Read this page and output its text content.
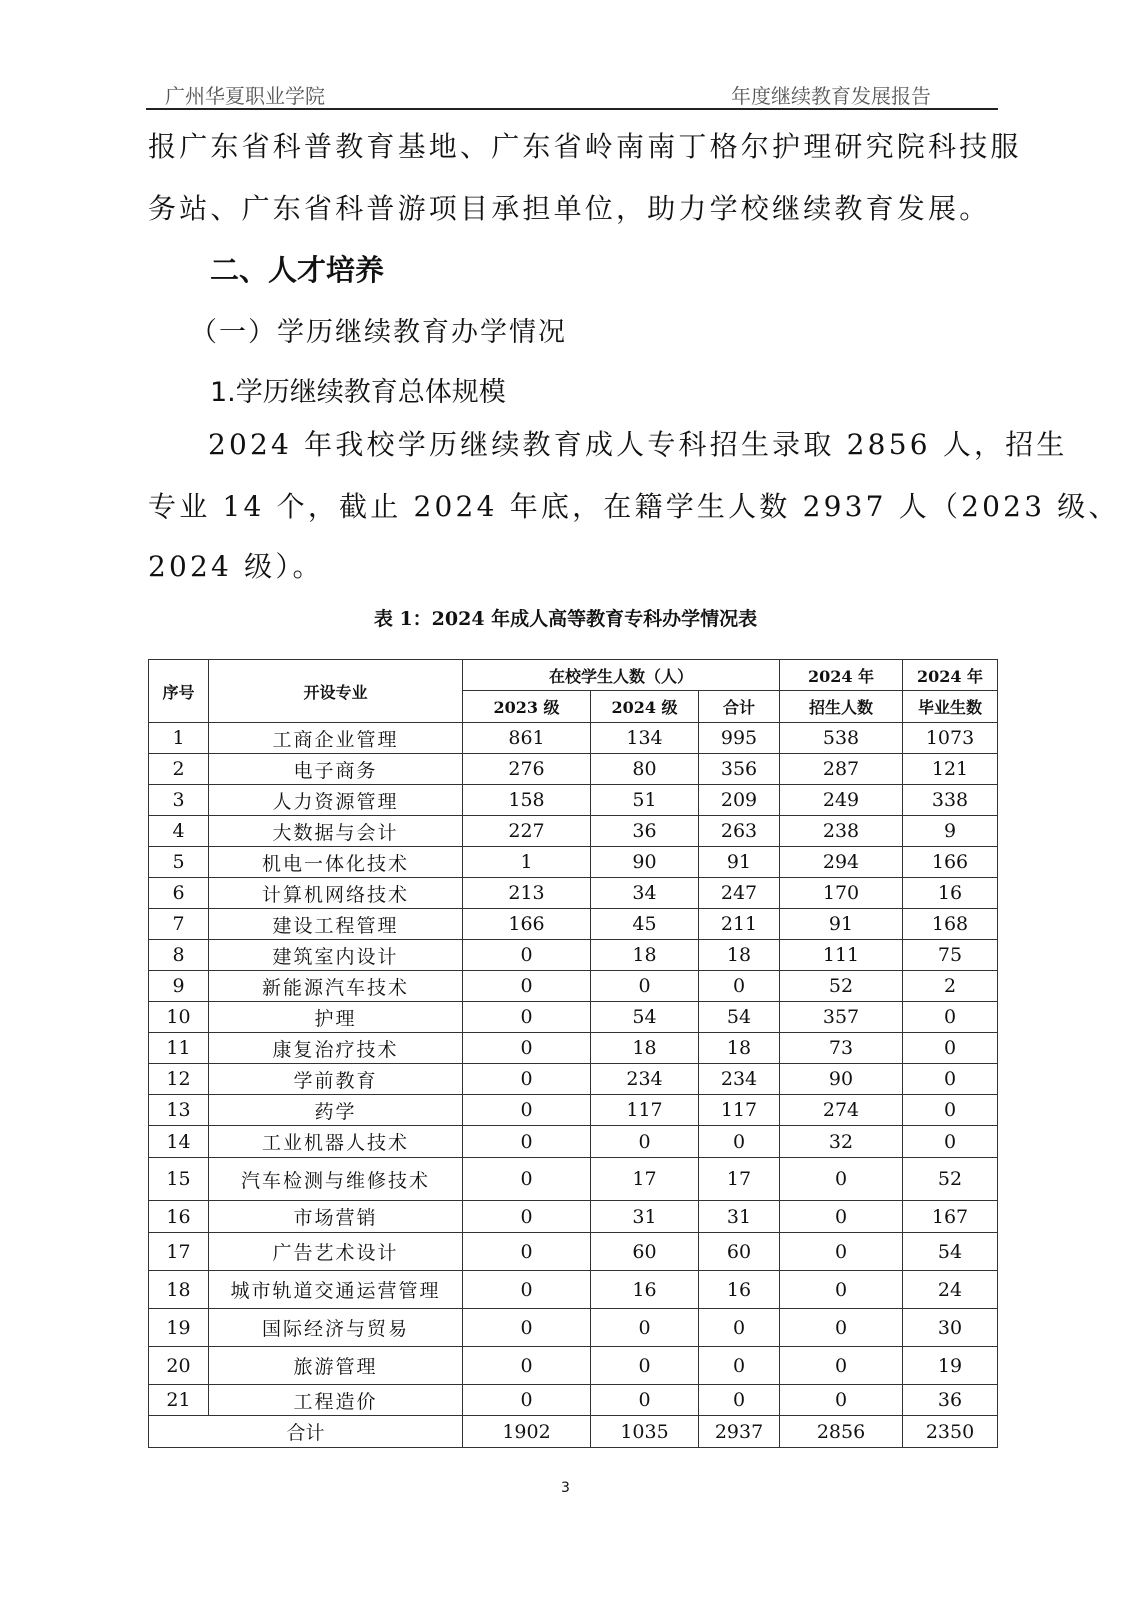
广州华夏职业学院	年度继续教育发展报告
报广东省科普教育基地、广东省岭南南丁格尔护理研究院科技服
务站、广东省科普游项目承担单位，助力学校继续教育发展。
二、人才培养
（一）学历继续教育办学情况
1.学历继续教育总体规模
2024 年我校学历继续教育成人专科招生录取 2856 人，招生
专业 14 个，截止 2024 年底，在籍学生人数 2937 人（2023 级、
2024 级）。
表 1：2024 年成人高等教育专科办学情况表
序号	开设专业	在校学生人数（人）			2024 年	2024 年
		2023 级	2024 级	合计	招生人数	毕业生数
1	工商企业管理	861	134	995	538	1073
2	电子商务	276	80	356	287	121
3	人力资源管理	158	51	209	249	338
4	大数据与会计	227	36	263	238	9
5	机电一体化技术	1	90	91	294	166
6	计算机网络技术	213	34	247	170	16
7	建设工程管理	166	45	211	91	168
8	建筑室内设计	0	18	18	111	75
9	新能源汽车技术	0	0	0	52	2
10	护理	0	54	54	357	0
11	康复治疗技术	0	18	18	73	0
12	学前教育	0	234	234	90	0
13	药学	0	117	117	274	0
14	工业机器人技术	0	0	0	32	0
15	汽车检测与维修技术	0	17	17	0	52
16	市场营销	0	31	31	0	167
17	广告艺术设计	0	60	60	0	54
18	城市轨道交通运营管理	0	16	16	0	24
19	国际经济与贸易	0	0	0	0	30
20	旅游管理	0	0	0	0	19
21	工程造价	0	0	0	0	36
合计		1902	1035	2937	2856	2350
3
